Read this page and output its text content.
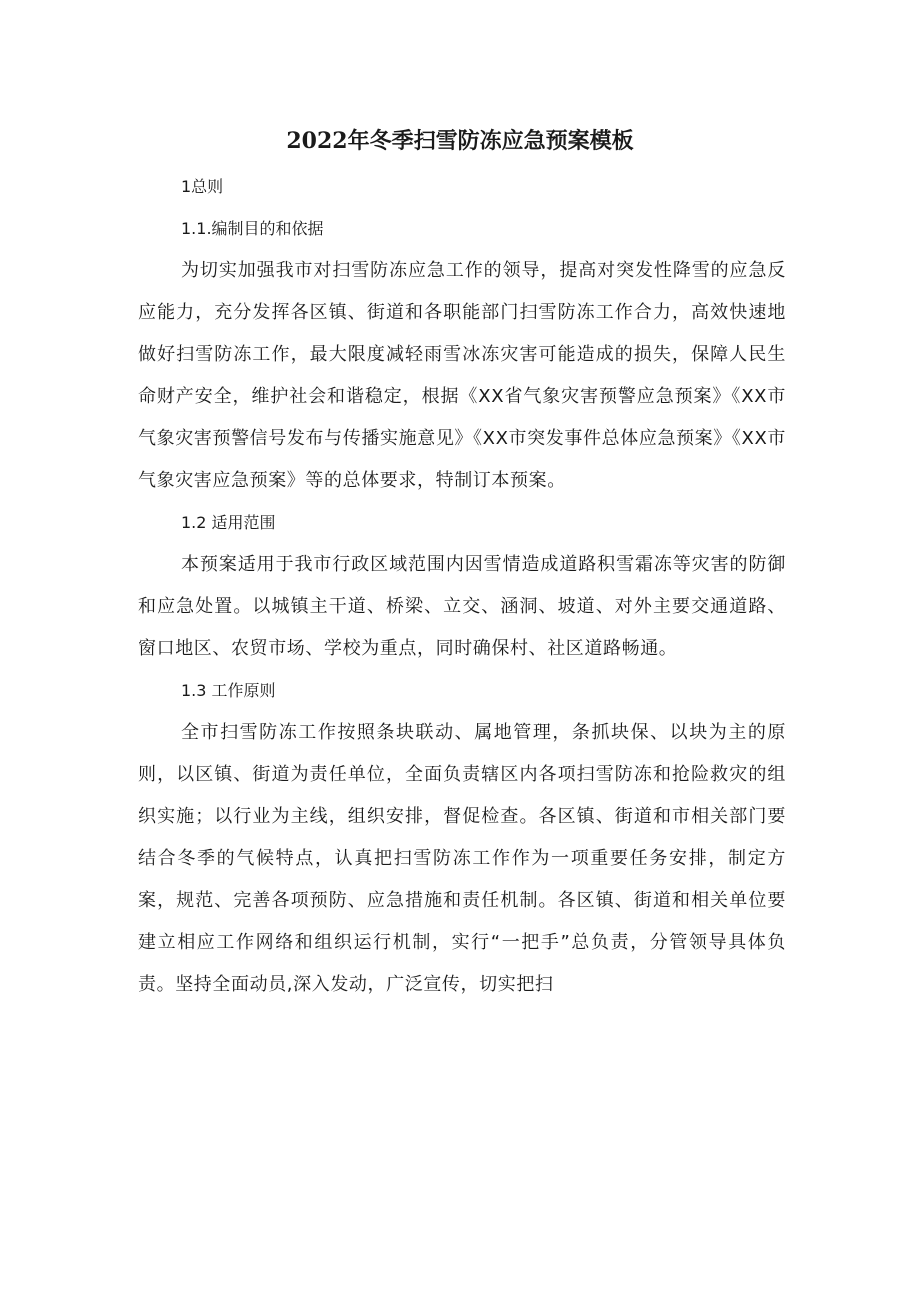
2022年冬季扫雪防冻应急预案模板

1总则

1.1.编制目的和依据

为切实加强我市对扫雪防冻应急工作的领导，提高对突发性降雪的应急反应能力，充分发挥各区镇、街道和各职能部门扫雪防冻工作合力，高效快速地做好扫雪防冻工作，最大限度减轻雨雪冰冻灾害可能造成的损失，保障人民生命财产安全，维护社会和谐稳定，根据《XX省气象灾害预警应急预案》《XX市气象灾害预警信号发布与传播实施意见》《XX市突发事件总体应急预案》《XX市气象灾害应急预案》等的总体要求，特制订本预案。

1.2 适用范围

本预案适用于我市行政区域范围内因雪情造成道路积雪霜冻等灾害的防御和应急处置。以城镇主干道、桥梁、立交、涵洞、坡道、对外主要交通道路、窗口地区、农贸市场、学校为重点，同时确保村、社区道路畅通。

1.3 工作原则

全市扫雪防冻工作按照条块联动、属地管理，条抓块保、以块为主的原则，以区镇、街道为责任单位，全面负责辖区内各项扫雪防冻和抢险救灾的组织实施；以行业为主线，组织安排，督促检查。各区镇、街道和市相关部门要结合冬季的气候特点，认真把扫雪防冻工作作为一项重要任务安排，制定方案，规范、完善各项预防、应急措施和责任机制。各区镇、街道和相关单位要建立相应工作网络和组织运行机制，实行“一把手”总负责，分管领导具体负责。坚持全面动员,深入发动，广泛宣传，切实把扫
